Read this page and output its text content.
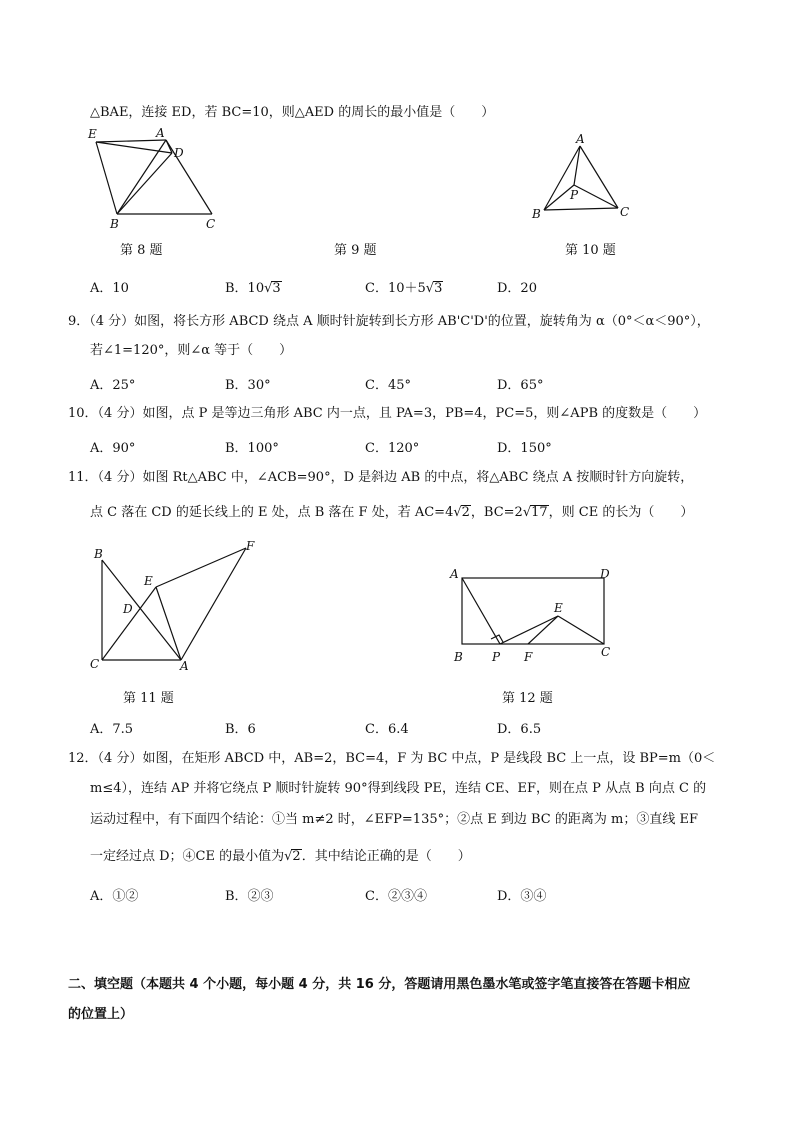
△BAE，连接 ED，若 BC=10，则△AED 的周长的最小值是（　　）
E	A
D
B	C
A
P
B	C
第 8 题	第 9 题	第 10 题
A．10	B．10√3	C．10＋5√3	D．20
9．（4 分）如图，将长方形 ABCD 绕点 A 顺时针旋转到长方形 AB'C'D'的位置，旋转角为 α（0°＜α＜90°），
若∠1=120°，则∠α 等于（　　）
A．25°	B．30°	C．45°	D．65°
10．（4 分）如图，点 P 是等边三角形 ABC 内一点，且 PA=3，PB=4，PC=5，则∠APB 的度数是（　　）
A．90°	B．100°	C．120°	D．150°
11．（4 分）如图 Rt△ABC 中，∠ACB=90°，D 是斜边 AB 的中点，将△ABC 绕点 A 按顺时针方向旋转，
点 C 落在 CD 的延长线上的 E 处，点 B 落在 F 处，若 AC=4√2，BC=2√17，则 CE 的长为（　　）
B
F
E
D
C	A
A	D
E
B P F	C
第 11 题	第 12 题
A．7.5	B．6	C．6.4	D．6.5
12．（4 分）如图，在矩形 ABCD 中，AB=2，BC=4，F 为 BC 中点，P 是线段 BC 上一点，设 BP=m（0＜
m≤4），连结 AP 并将它绕点 P 顺时针旋转 90°得到线段 PE，连结 CE、EF，则在点 P 从点 B 向点 C 的
运动过程中，有下面四个结论：①当 m≠2 时，∠EFP=135°；②点 E 到边 BC 的距离为 m；③直线 EF
一定经过点 D；④CE 的最小值为√2．其中结论正确的是（　　）
A．①②	B．②③	C．②③④	D．③④
二、填空题（本题共 4 个小题，每小题 4 分，共 16 分，答题请用黑色墨水笔或签字笔直接答在答题卡相应
的位置上）
